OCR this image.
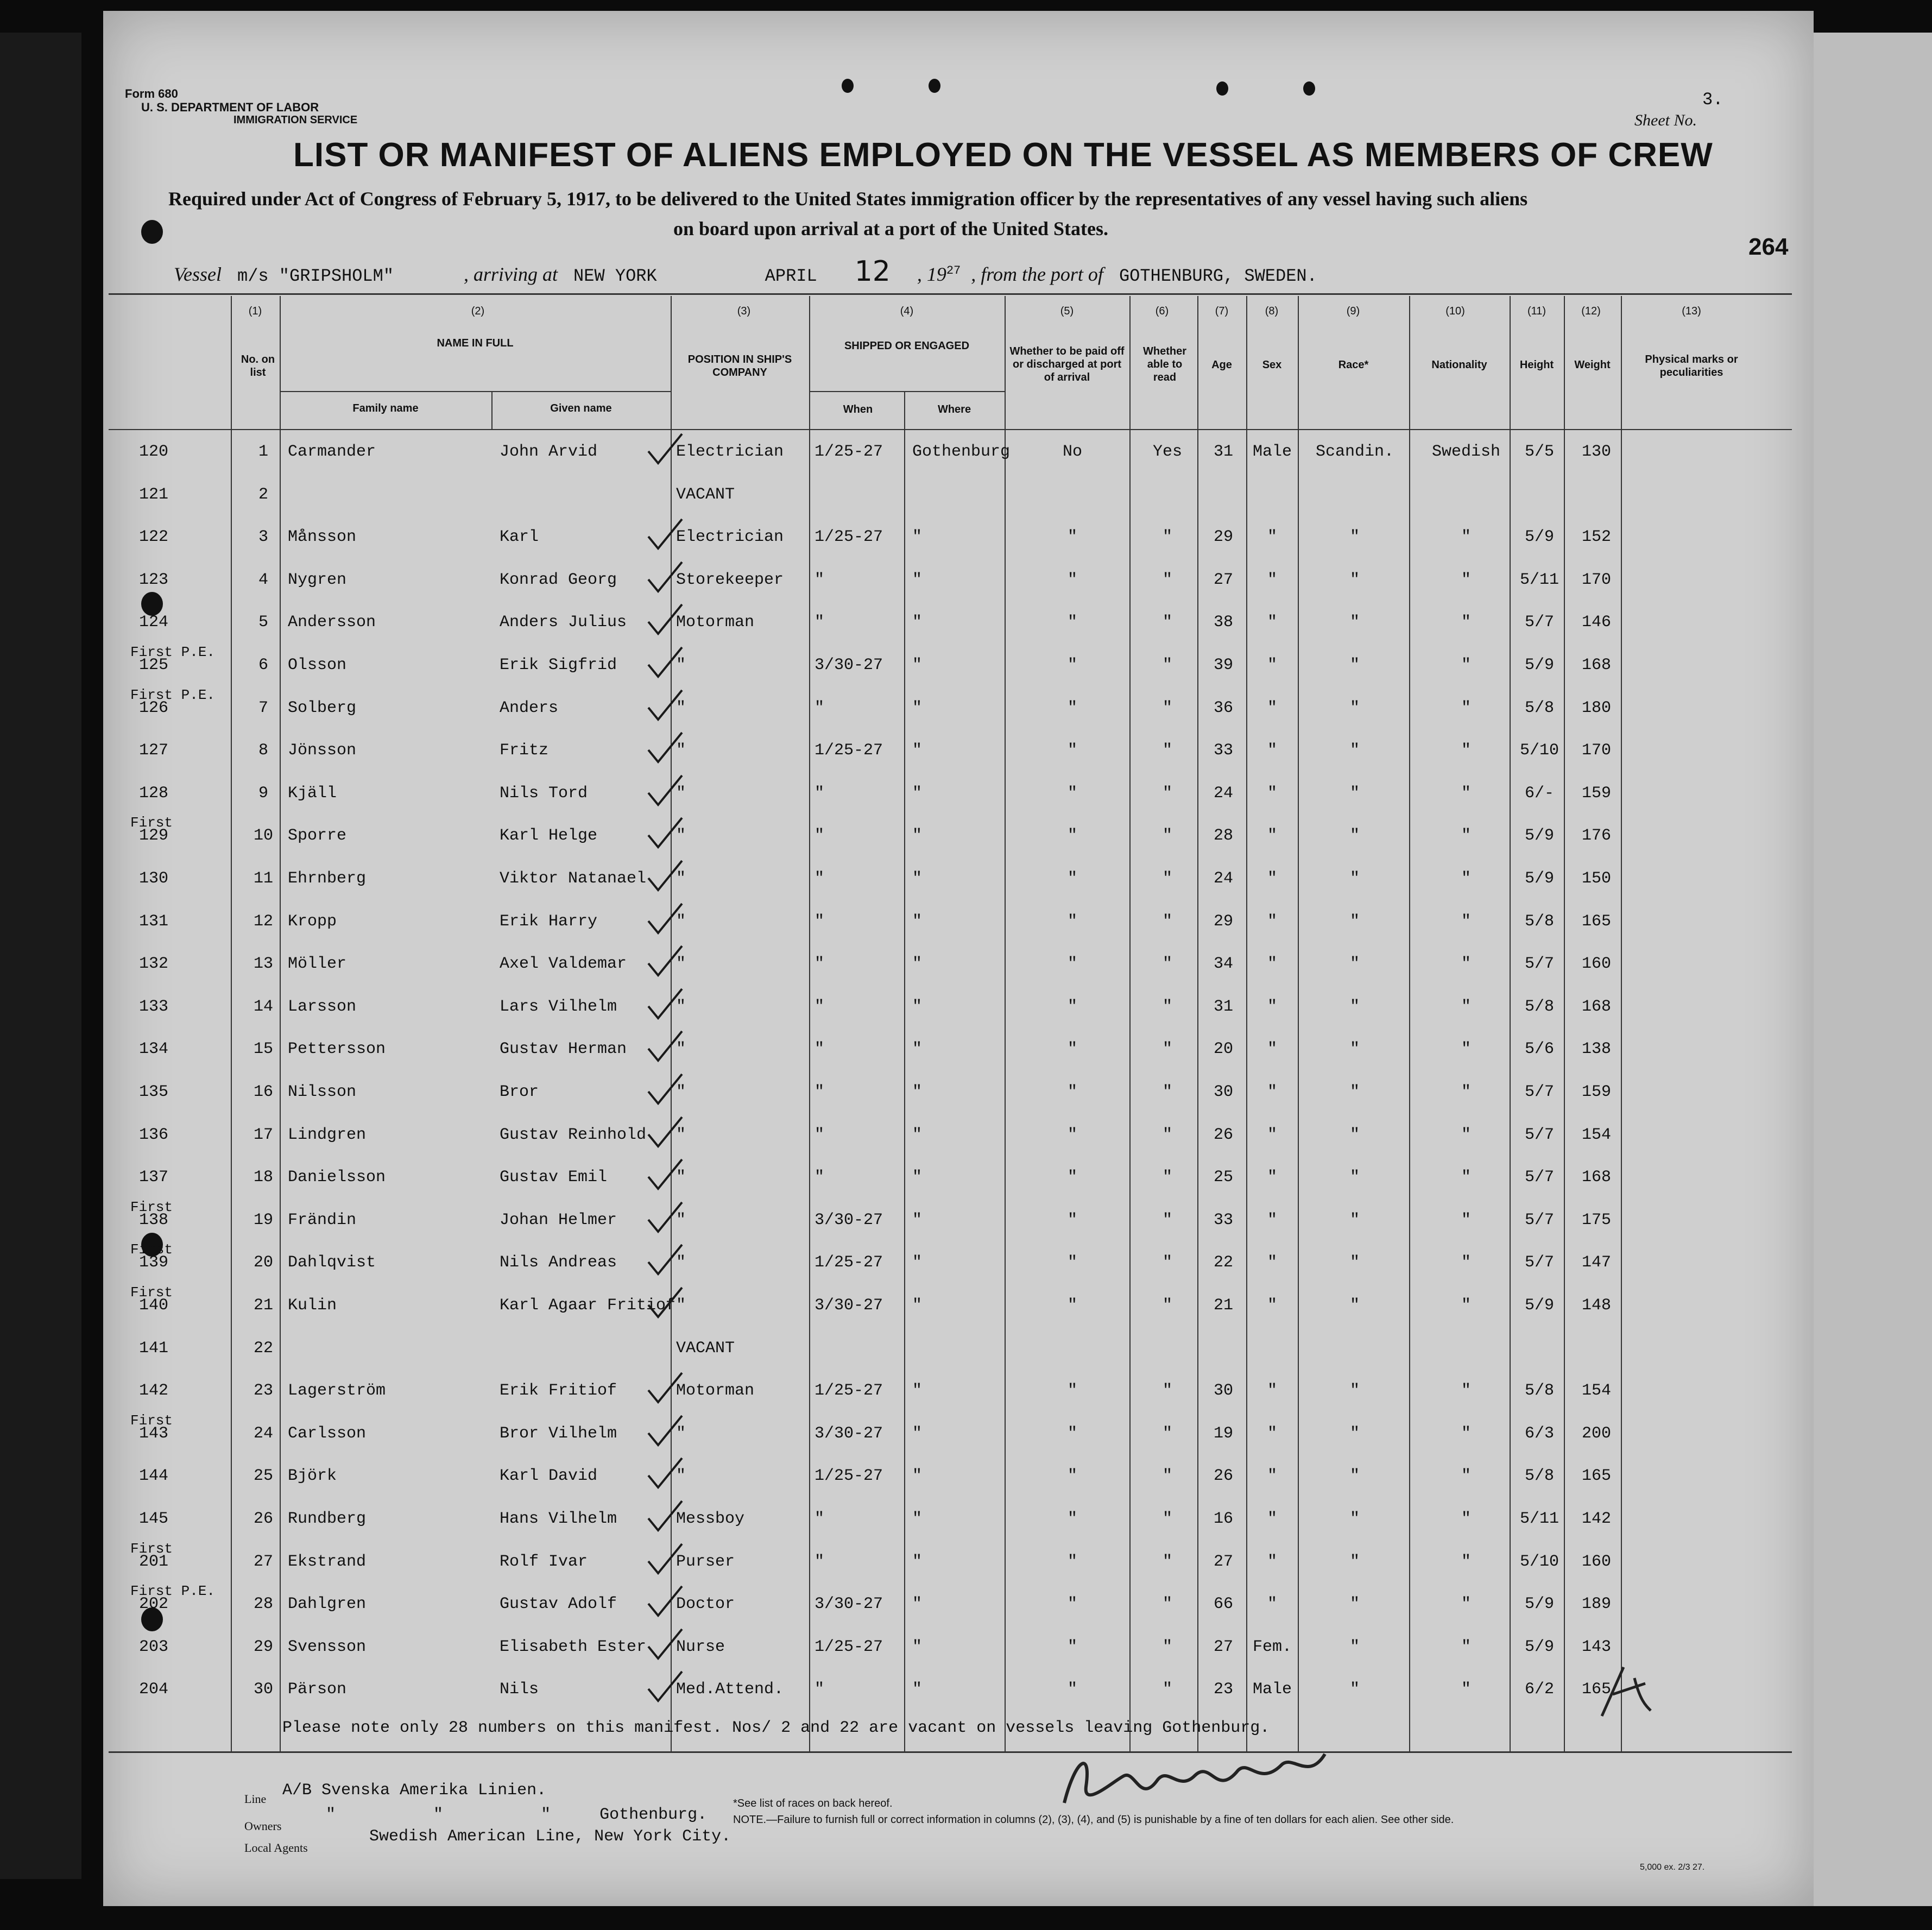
Form 680
U. S. DEPARTMENT OF LABOR
IMMIGRATION SERVICE
3.
Sheet No.
LIST OR MANIFEST OF ALIENS EMPLOYED ON THE VESSEL AS MEMBERS OF CREW
Required under Act of Congress of February 5, 1917, to be delivered to the United States immigration officer by the representatives of any vessel having such aliens
on board upon arrival at a port of the United States.
264
Vessel m/s "GRIPSHOLM"	, arriving at NEW YORK	APRIL 12 , $19^{27}$ , from the port of GOTHENBURG, SWEDEN.
(1)	(2)	(3)	(4)	(5)	(6)	(7)	(8)	(9)	(10)	(11)	(12)	(13)
No. on list
NAME IN FULL
Family name	Given name
POSITION IN SHIP'S COMPANY
SHIPPED OR ENGAGED
When	Where
Whether to be paid off or discharged at port of arrival
Whether able to read
Age	Sex	Race*	Nationality	Height	Weight	Physical marks or peculiarities
120	1	Carmander	John Arvid	Electrician 1/25-27 Gothenburg	No	Yes	31	Male	Scandin.	Swedish	5/5	130
121	2	VACANT
122	3	Månsson	Karl	Electrician 1/25-27 "	"	"	29	"	"	"	5/9	152
123	4	Nygren	Konrad Georg	Storekeeper "	"	"	"	27	"	"	"	5/11	170
124	5	Andersson	Anders Julius	Motorman	"	"	"	"	38	"	"	"	5/7	146
First P.E.
125	6	Olsson	Erik Sigfrid	"	3/30-27 "	"	"	39	"	"	"	5/9	168
First P.E.
126	7	Solberg	Anders	"	"	"	"	"	36	"	"	"	5/8	180
127	8	Jönsson	Fritz	"	1/25-27 "	"	"	33	"	"	"	5/10	170
128	9	Kjäll	Nils Tord	"	"	"	"	"	24	"	"	"	6/-	159
First
129	10 Sporre	Karl Helge	"	"	"	"	"	28	"	"	"	5/9	176
130	11 Ehrnberg	Viktor Natanael "	"	"	"	"	24	"	"	"	5/9	150
131	12 Kropp	Erik Harry	"	"	"	"	"	29	"	"	"	5/8	165
132	13 Möller	Axel Valdemar	"	"	"	"	"	34	"	"	"	5/7	160
133	14 Larsson	Lars Vilhelm	"	"	"	"	"	31	"	"	"	5/8	168
134	15 Pettersson	Gustav Herman	"	"	"	"	"	20	"	"	"	5/6	138
135	16 Nilsson	Bror	"	"	"	"	"	30	"	"	"	5/7	159
136	17 Lindgren	Gustav Reinhold "	"	"	"	"	26	"	"	"	5/7	154
137	18 Danielsson	Gustav Emil	"	"	"	"	"	25	"	"	"	5/7	168
First
138	19 Frändin	Johan Helmer	"	3/30-27 "	"	"	33	"	"	"	5/7	175
First
139	20 Dahlqvist	Nils Andreas	"	1/25-27 "	"	"	22	"	"	"	5/7	147
First
140	21 Kulin	Karl Agaar Fritiof "	3/30-27 "	"	"	21	"	"	"	5/9	148
141	22	VACANT
142	23 Lagerström	Erik Fritiof	Motorman	1/25-27 "	"	"	30	"	"	"	5/8	154
First
143	24 Carlsson	Bror Vilhelm	"	3/30-27 "	"	"	19	"	"	"	6/3	200
144	25 Björk	Karl David	"	1/25-27 "	"	"	26	"	"	"	5/8	165
145	26 Rundberg	Hans Vilhelm	Messboy	"	"	"	"	16	"	"	"	5/11	142
First
201	27 Ekstrand	Rolf Ivar	Purser	"	"	"	"	27	"	"	"	5/10	160
First P.E.
202	28 Dahlgren	Gustav Adolf	Doctor	3/30-27 "	"	"	66	"	"	"	5/9	189
203	29 Svensson	Elisabeth Ester Nurse	1/25-27 "	"	"	27	Fem.	"	"	5/9	143
204	30 Pärson	Nils	Med.Attend. "	"	"	"	23	Male	"	"	6/2	165
Please note only 28 numbers on this manifest. Nos/ 2 and 22 are vacant on vessels leaving Gothenburg.
Line A/B Svenska Amerika Linien.
Owners
"          "          "     Gothenburg.
Local Agents
Swedish American Line, New York City.
*See list of races on back hereof.
NOTE.—Failure to furnish full or correct information in columns (2), (3), (4), and (5) is punishable by a fine of ten dollars for each alien. See other side.
5,000 ex. 2/3 27.
